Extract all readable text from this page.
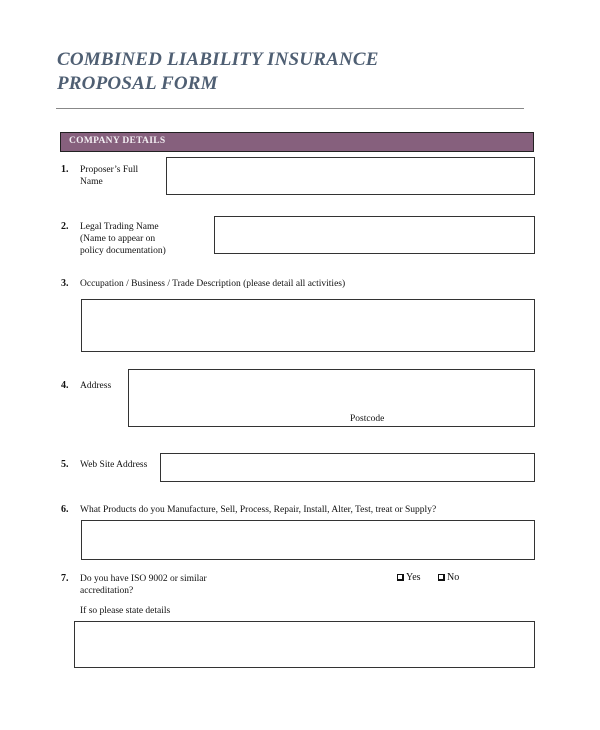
COMBINED LIABILITY INSURANCE
PROPOSAL FORM
COMPANY DETAILS
1. Proposer’s Full
Name
2. Legal Trading Name
(Name to appear on
policy documentation)
3. Occupation / Business / Trade Description (please detail all activities)
4. Address
Postcode
5. Web Site Address
6. What Products do you Manufacture, Sell, Process, Repair, Install, Alter, Test, treat or Supply?
7. Do you have ISO 9002 or similar
accreditation?
Yes	No
If so please state details
